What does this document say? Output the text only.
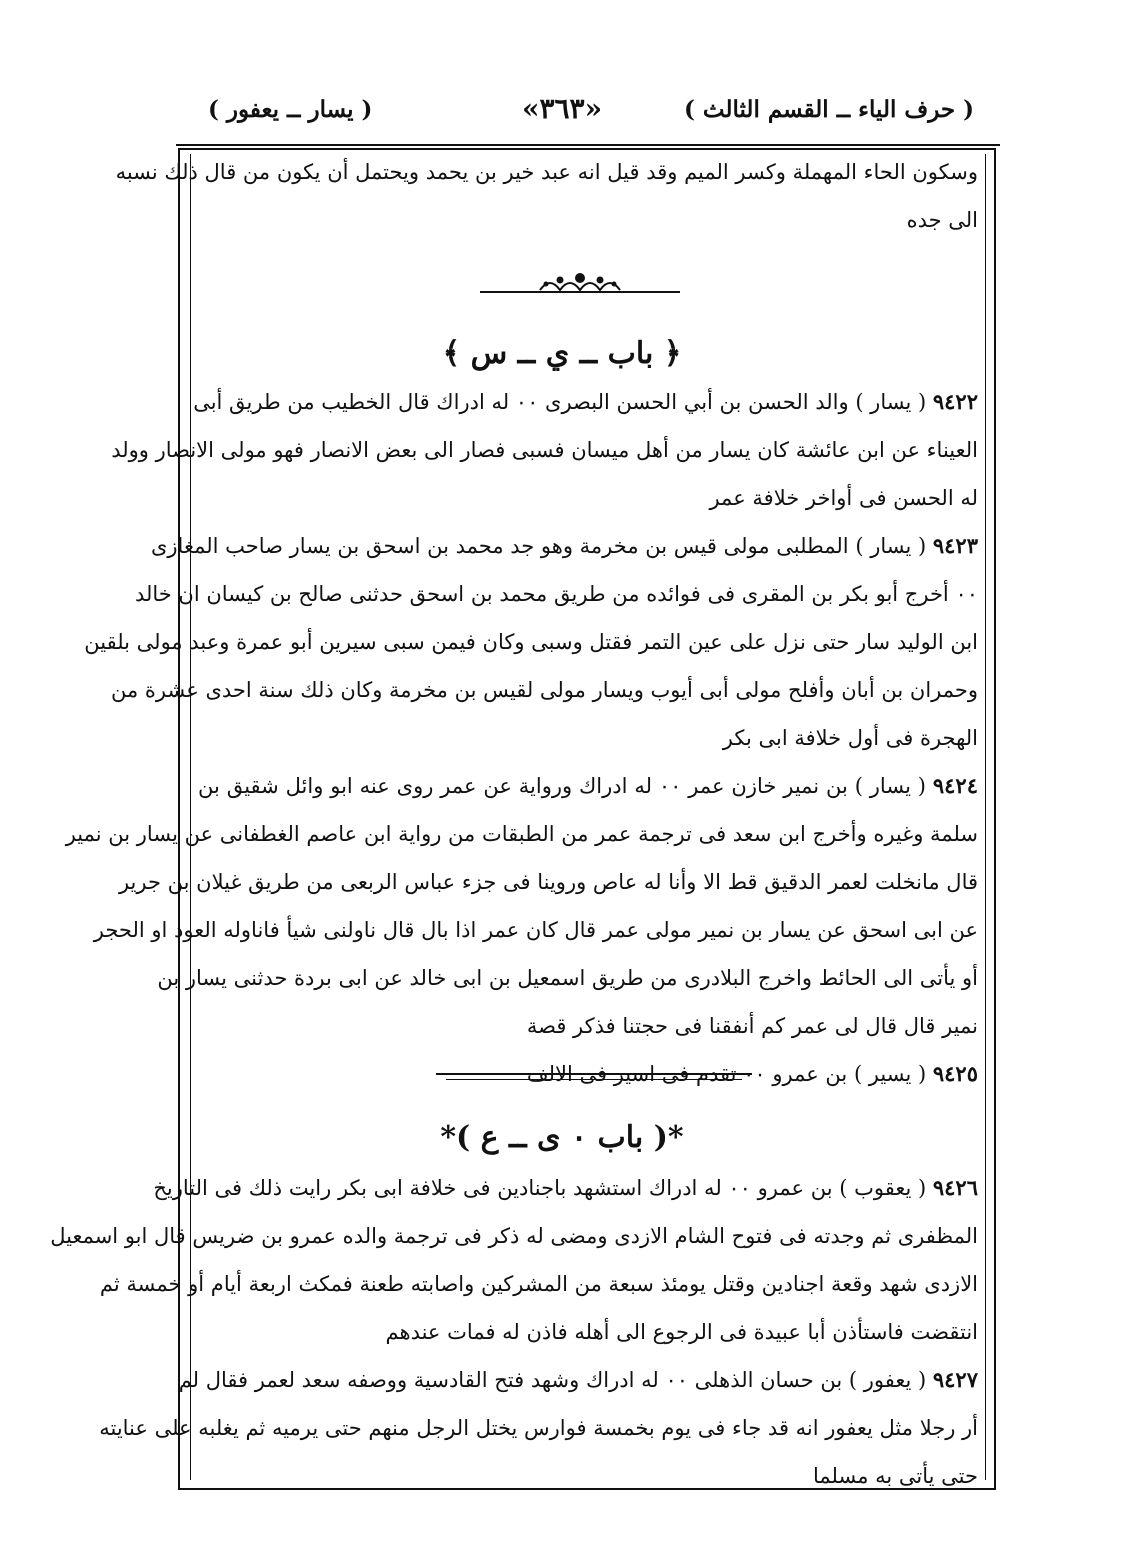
( حرف الياء ــ القسم الثالث )
«٣٦٣»
( يسار ــ يعفور )
وسكون الحاء المهملة وكسر الميم وقد قيل انه عبد خير بن يحمد ويحتمل أن يكون من قال ذلك نسبه
الى جده
﴿ باب ــ ي ــ س ﴾
٩٤٢٢ ( يسار ) والد الحسن بن أبي الحسن البصرى ٠٠ له ادراك قال الخطيب من طريق أبى
العيناء عن ابن عائشة كان يسار من أهل ميسان فسبى فصار الى بعض الانصار فهو مولى الانصار وولد
له الحسن فى أواخر خلافة عمر
٩٤٢٣ ( يسار ) المطلبى مولى قيس بن مخرمة وهو جد محمد بن اسحق بن يسار صاحب المغازى
٠٠ أخرج أبو بكر بن المقرى فى فوائده من طريق محمد بن اسحق حدثنى صالح بن كيسان ان خالد
ابن الوليد سار حتى نزل على عين التمر فقتل وسبى وكان فيمن سبى سيرين أبو عمرة وعبد مولى بلقين
وحمران بن أبان وأفلح مولى أبى أيوب ويسار مولى لقيس بن مخرمة وكان ذلك سنة احدى عشرة من
الهجرة فى أول خلافة ابى بكر
٩٤٢٤ ( يسار ) بن نمير خازن عمر ٠٠ له ادراك ورواية عن عمر روى عنه ابو وائل شقيق بن
سلمة وغيره وأخرج ابن سعد فى ترجمة عمر من الطبقات من رواية ابن عاصم الغطفانى عن يسار بن نمير
قال مانخلت لعمر الدقيق قط الا وأنا له عاص وروينا فى جزء عباس الربعى من طريق غيلان بن جرير
عن ابى اسحق عن يسار بن نمير مولى عمر قال كان عمر اذا بال قال ناولنى شيأ فاناوله العود او الحجر
أو يأتى الى الحائط واخرج البلادرى من طريق اسمعيل بن ابى خالد عن ابى بردة حدثنى يسار بن
نمير قال قال لى عمر كم أنفقنا فى حجتنا فذكر قصة
٩٤٢٥ ( يسير ) بن عمرو ٠٠ تقدم فى اسير فى الالف
*( باب ٠ ى ــ ع )*
٩٤٢٦ ( يعقوب ) بن عمرو ٠٠ له ادراك استشهد باجنادين فى خلافة ابى بكر رايت ذلك فى التاريخ
المظفرى ثم وجدته فى فتوح الشام الازدى ومضى له ذكر فى ترجمة والده عمرو بن ضريس قال ابو اسمعيل
الازدى شهد وقعة اجنادين وقتل يومئذ سبعة من المشركين واصابته طعنة فمكث اربعة أيام أو خمسة ثم
انتقضت فاستأذن أبا عبيدة فى الرجوع الى أهله فاذن له فمات عندهم
٩٤٢٧ ( يعفور ) بن حسان الذهلى ٠٠ له ادراك وشهد فتح القادسية ووصفه سعد لعمر فقال لم
أر رجلا مثل يعفور انه قد جاء فى يوم بخمسة فوارس يختل الرجل منهم حتى يرميه ثم يغلبه على عنايته
حتى يأتى به مسلما
